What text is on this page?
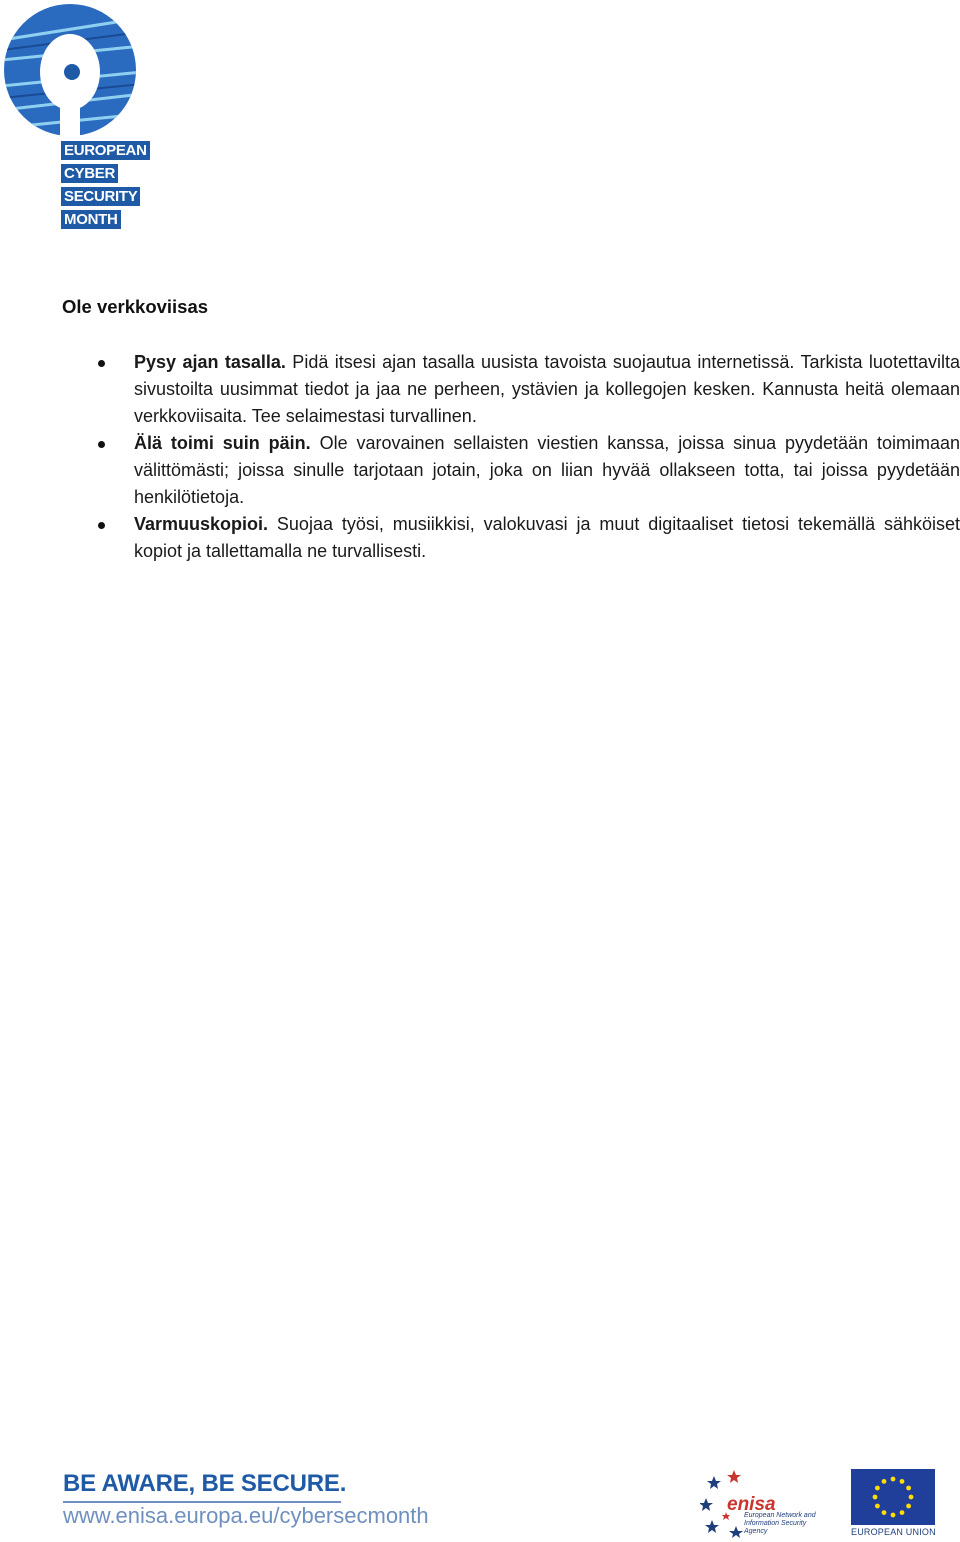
EUROPEAN
CYBER
SECURITY
MONTH
Ole verkkoviisas
Pysy ajan tasalla. Pidä itsesi ajan tasalla uusista tavoista suojautua internetissä. Tarkista luotettavilta sivustoilta uusimmat tiedot ja jaa ne perheen, ystävien ja kollegojen kesken. Kannusta heitä olemaan verkkoviisaita. Tee selaimestasi turvallinen.
Älä toimi suin päin. Ole varovainen sellaisten viestien kanssa, joissa sinua pyydetään toimimaan välittömästi; joissa sinulle tarjotaan jotain, joka on liian hyvää ollakseen totta, tai joissa pyydetään henkilötietoja.
Varmuuskopioi. Suojaa työsi, musiikkisi, valokuvasi ja muut digitaaliset tietosi tekemällä sähköiset kopiot ja tallettamalla ne turvallisesti.
BE AWARE, BE SECURE.
www.enisa.europa.eu/cybersecmonth	enisa
European Network and Information Security Agency	EUROPEAN UNION
